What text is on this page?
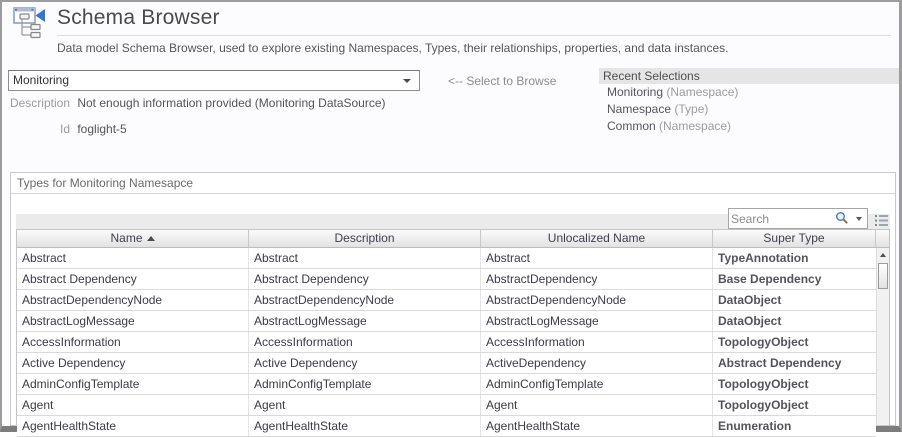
Schema Browser
Data model Schema Browser, used to explore existing Namespaces, Types, their relationships, properties, and data instances.
Monitoring	<-- Select to Browse	Recent Selections
Monitoring (Namespace)
Namespace (Type)
Common (Namespace)
Description Not enough information provided (Monitoring DataSource)
Id foglight-5
Types for Monitoring Namesapce
Search
Name	Description	Unlocalized Name	Super Type
Abstract	Abstract	Abstract	TypeAnnotation
Abstract Dependency	Abstract Dependency	AbstractDependency	Base Dependency
AbstractDependencyNode	AbstractDependencyNode	AbstractDependencyNode	DataObject
AbstractLogMessage	AbstractLogMessage	AbstractLogMessage	DataObject
AccessInformation	AccessInformation	AccessInformation	TopologyObject
Active Dependency	Active Dependency	ActiveDependency	Abstract Dependency
AdminConfigTemplate	AdminConfigTemplate	AdminConfigTemplate	TopologyObject
Agent	Agent	Agent	TopologyObject
AgentHealthState	AgentHealthState	AgentHealthState	Enumeration
